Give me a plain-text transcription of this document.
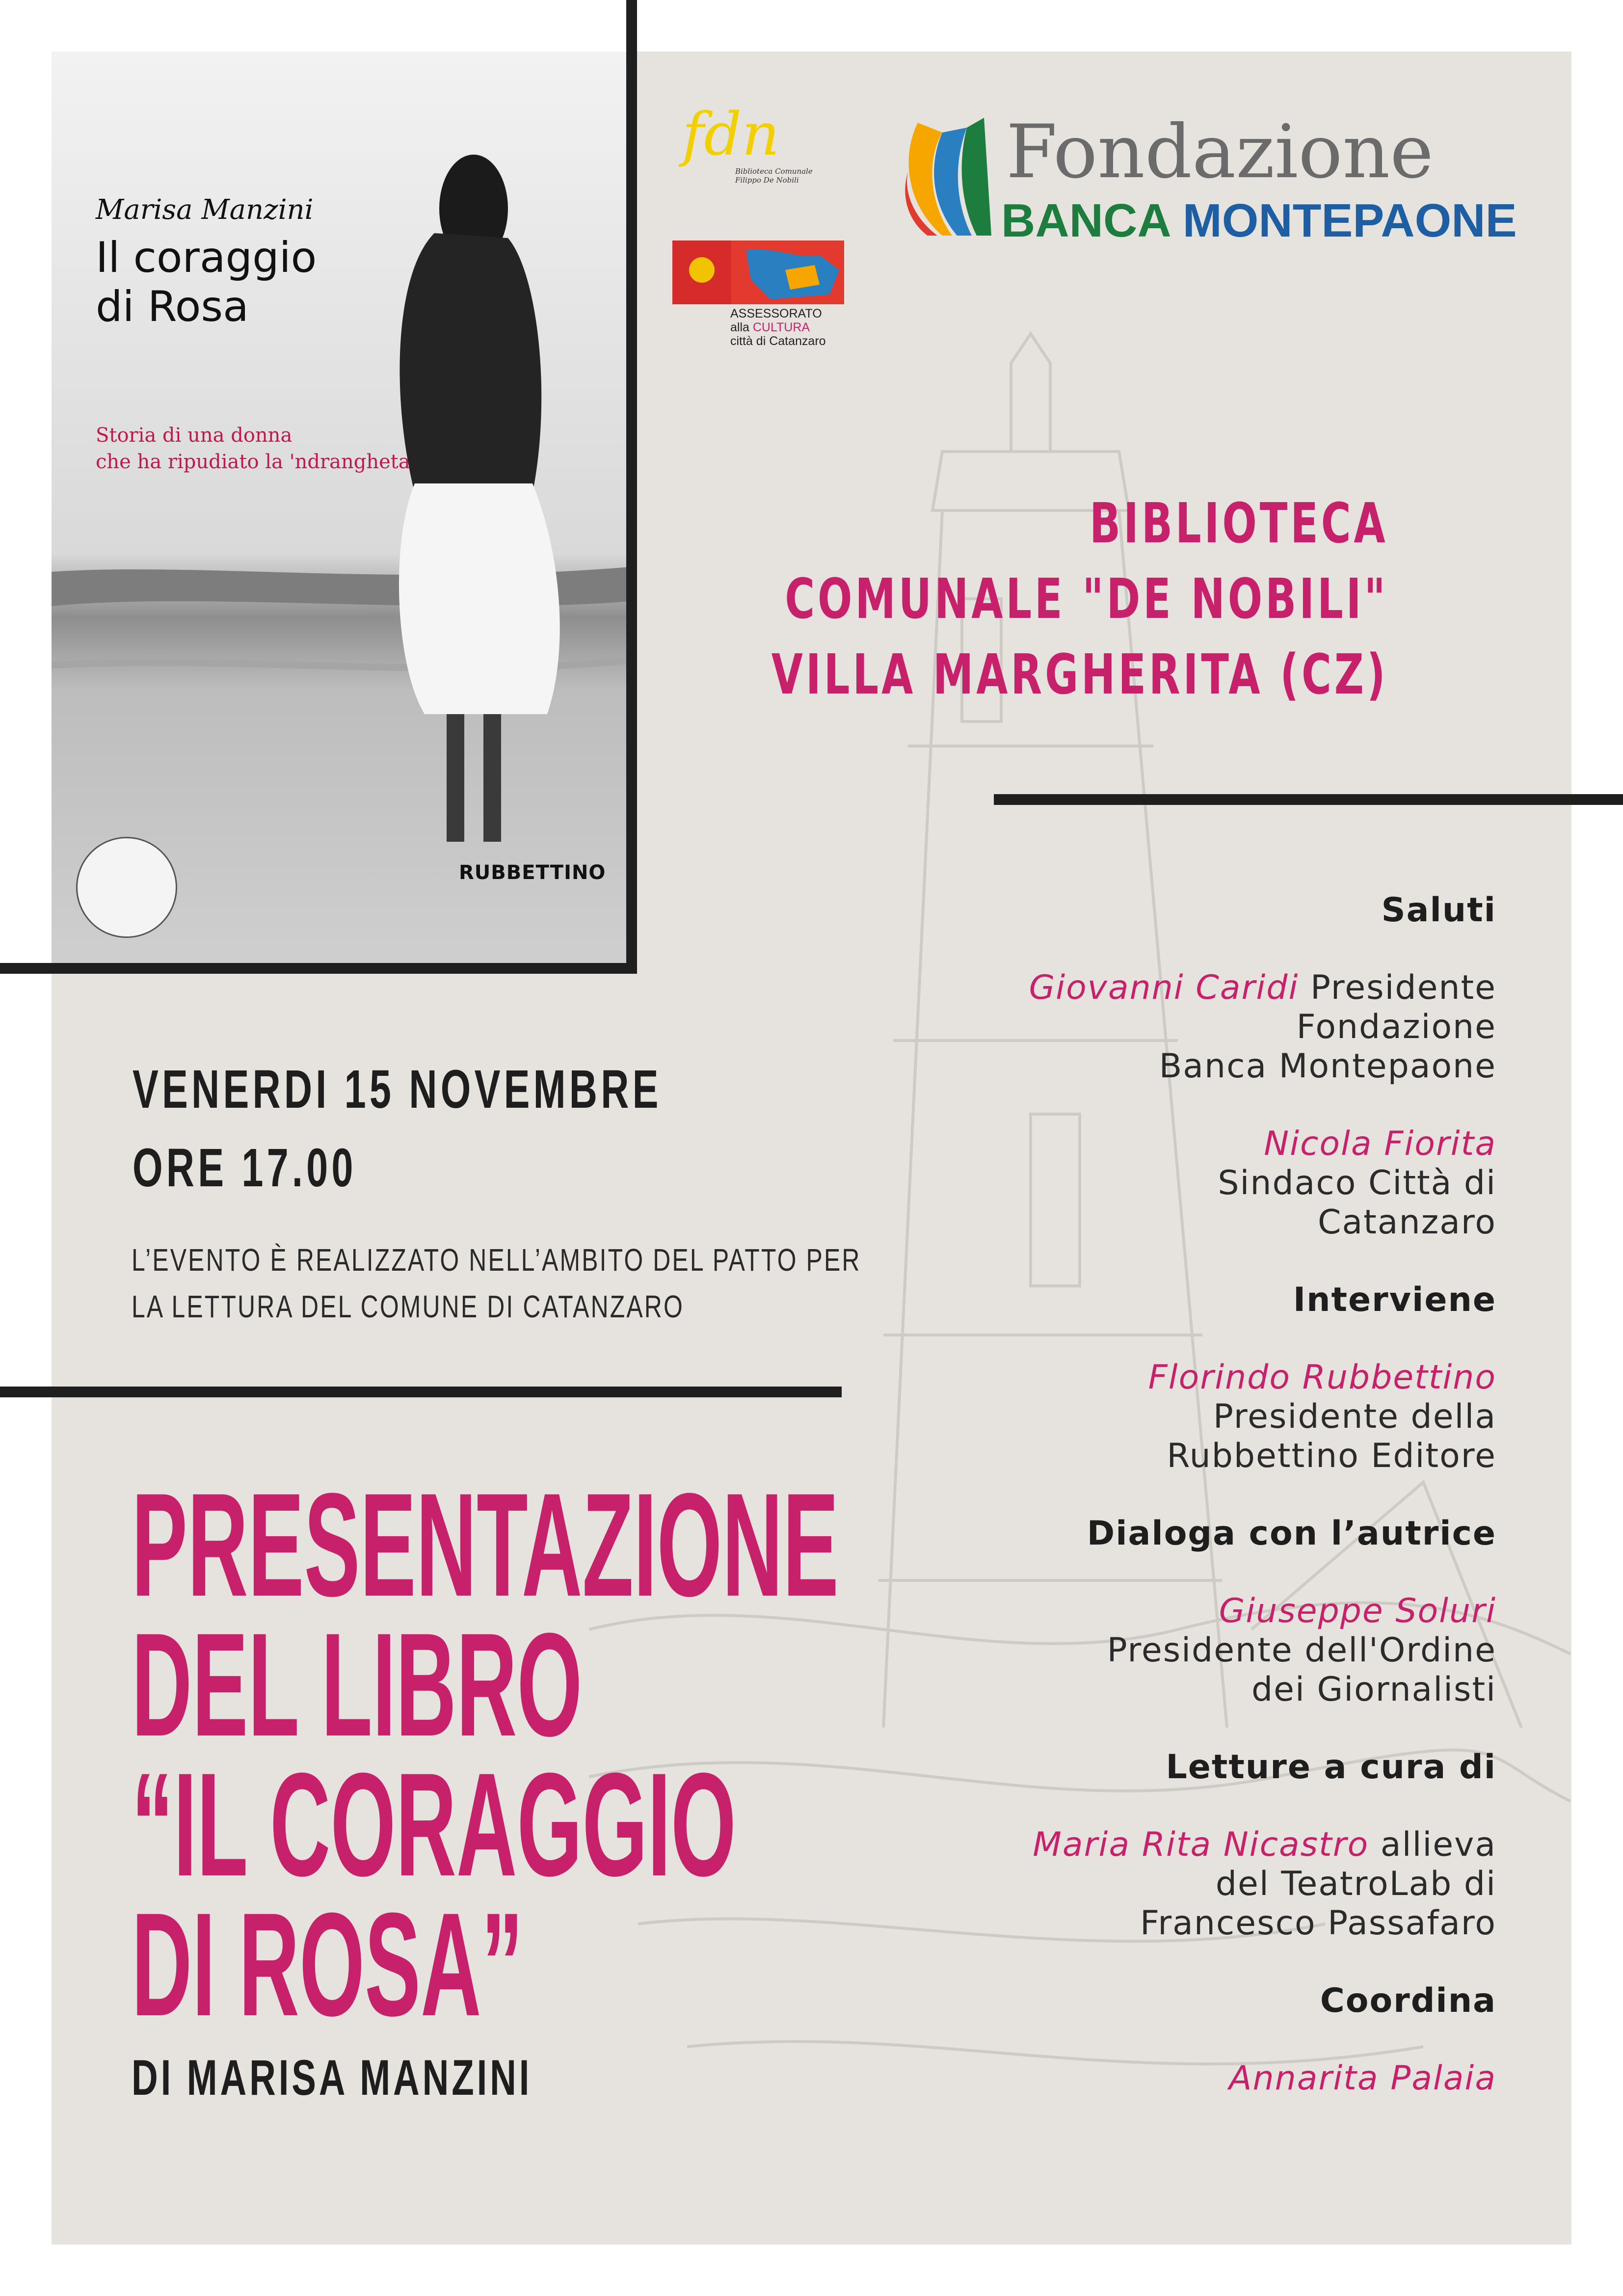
Marisa Manzini
Il coraggio
di Rosa
Storia di una donna
che ha ripudiato la 'ndrangheta
RUBBETTINO
fdn
Biblioteca Comunale
Filippo De Nobili
ASSESSORATO
alla CULTURA
città di Catanzaro
Fondazione
BANCA MONTEPAONE
BIBLIOTECA
COMUNALE "DE NOBILI"
VILLA MARGHERITA (CZ)
VENERDI 15 NOVEMBRE
ORE 17.00
L’EVENTO È REALIZZATO NELL’AMBITO DEL PATTO PER
LA LETTURA DEL COMUNE DI CATANZARO
PRESENTAZIONE
DEL LIBRO
“IL CORAGGIO
DI ROSA”
DI MARISA MANZINI
Saluti
Giovanni Caridi Presidente
Fondazione
Banca Montepaone
Nicola Fiorita
Sindaco Città di
Catanzaro
Interviene
Florindo Rubbettino
Presidente della
Rubbettino Editore
Dialoga con l’autrice
Giuseppe Soluri
Presidente dell'Ordine
dei Giornalisti
Letture a cura di
Maria Rita Nicastro allieva
del TeatroLab di
Francesco Passafaro
Coordina
Annarita Palaia
